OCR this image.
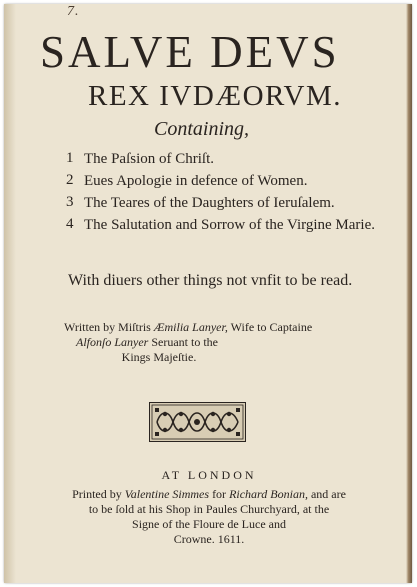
7.
SALVE DEVS
REX IVDÆORVM.
Containing,
1 The Paſsion of Chriſt.
2 Eues Apologie in defence of Women.
3 The Teares of the Daughters of Ieruſalem.
4 The Salutation and Sorrow of the Virgine Marie.
With diuers other things not vnfit to be read.
Written by Miſtris Æmilia Lanyer, Wife to Captaine
Alfonſo Lanyer Seruant to the
Kings Majeſtie.
AT LONDON
Printed by Valentine Simmes for Richard Bonian, and are
to be ſold at his Shop in Paules Churchyard, at the
Signe of the Floure de Luce and
Crowne. 1611.
